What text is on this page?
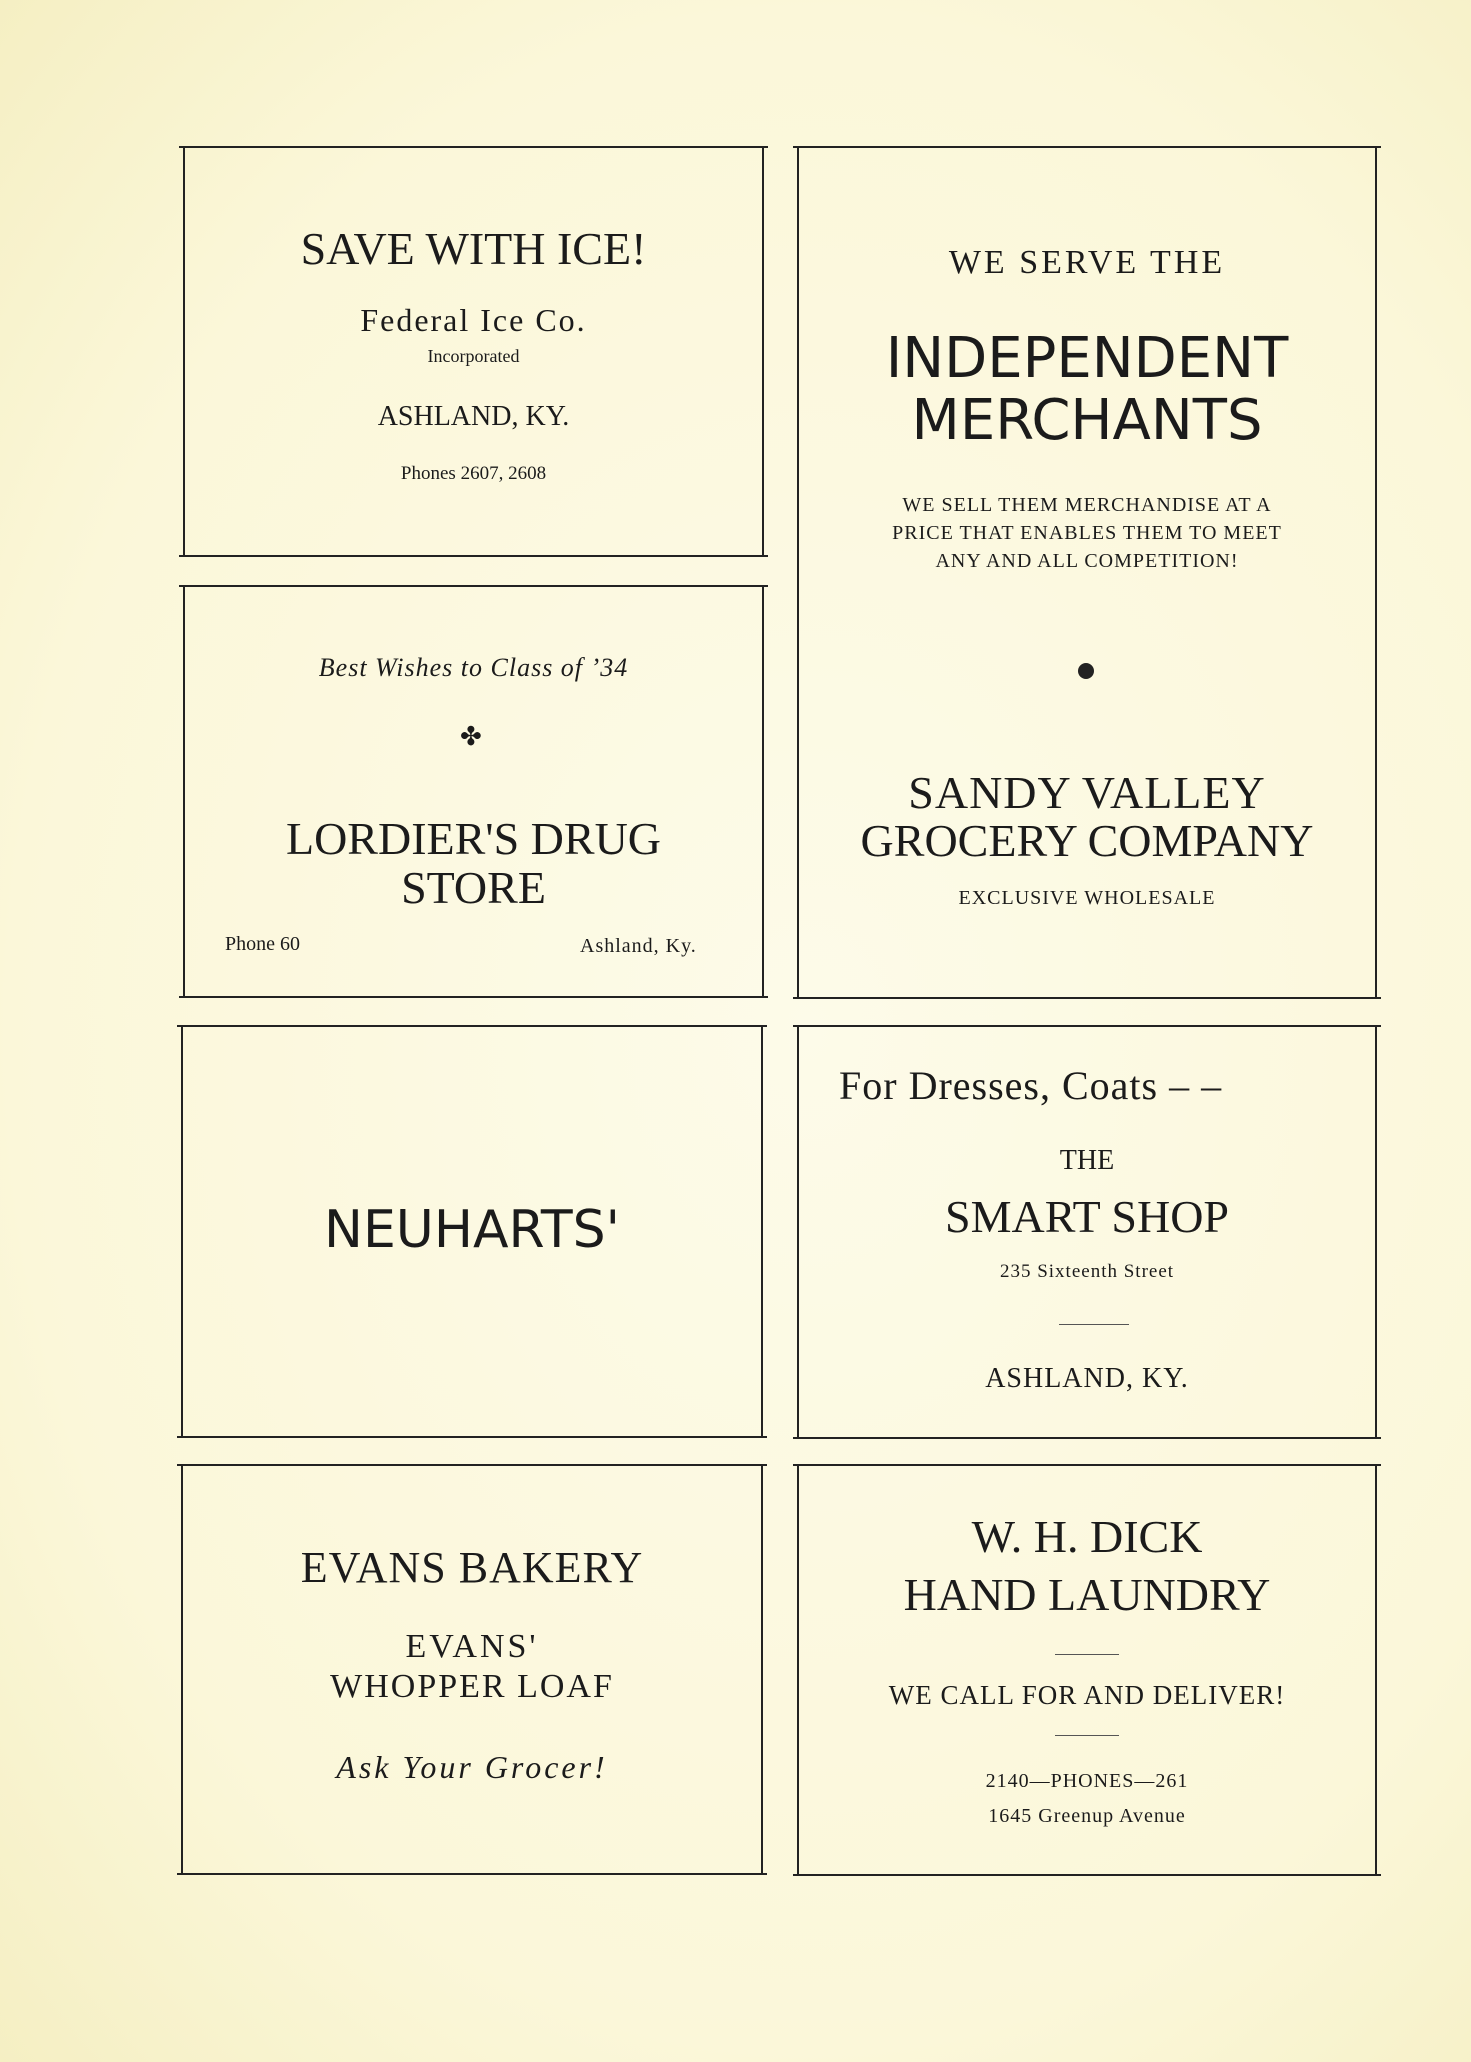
SAVE WITH ICE!
Federal Ice Co.
Incorporated
ASHLAND, KY.
Phones 2607, 2608
WE SERVE THE
INDEPENDENT
MERCHANTS
WE SELL THEM MERCHANDISE AT A
PRICE THAT ENABLES THEM TO MEET
ANY AND ALL COMPETITION!
SANDY VALLEY
GROCERY COMPANY
EXCLUSIVE WHOLESALE
Best Wishes to Class of ’34
✤
LORDIER'S DRUG
STORE
Phone 60	Ashland, Ky.
NEUHARTS'
For Dresses, Coats – –
THE
SMART SHOP
235 Sixteenth Street
ASHLAND, KY.
EVANS BAKERY
EVANS'
WHOPPER LOAF
Ask Your Grocer!
W. H. DICK
HAND LAUNDRY
WE CALL FOR AND DELIVER!
2140—PHONES—261
1645 Greenup Avenue
